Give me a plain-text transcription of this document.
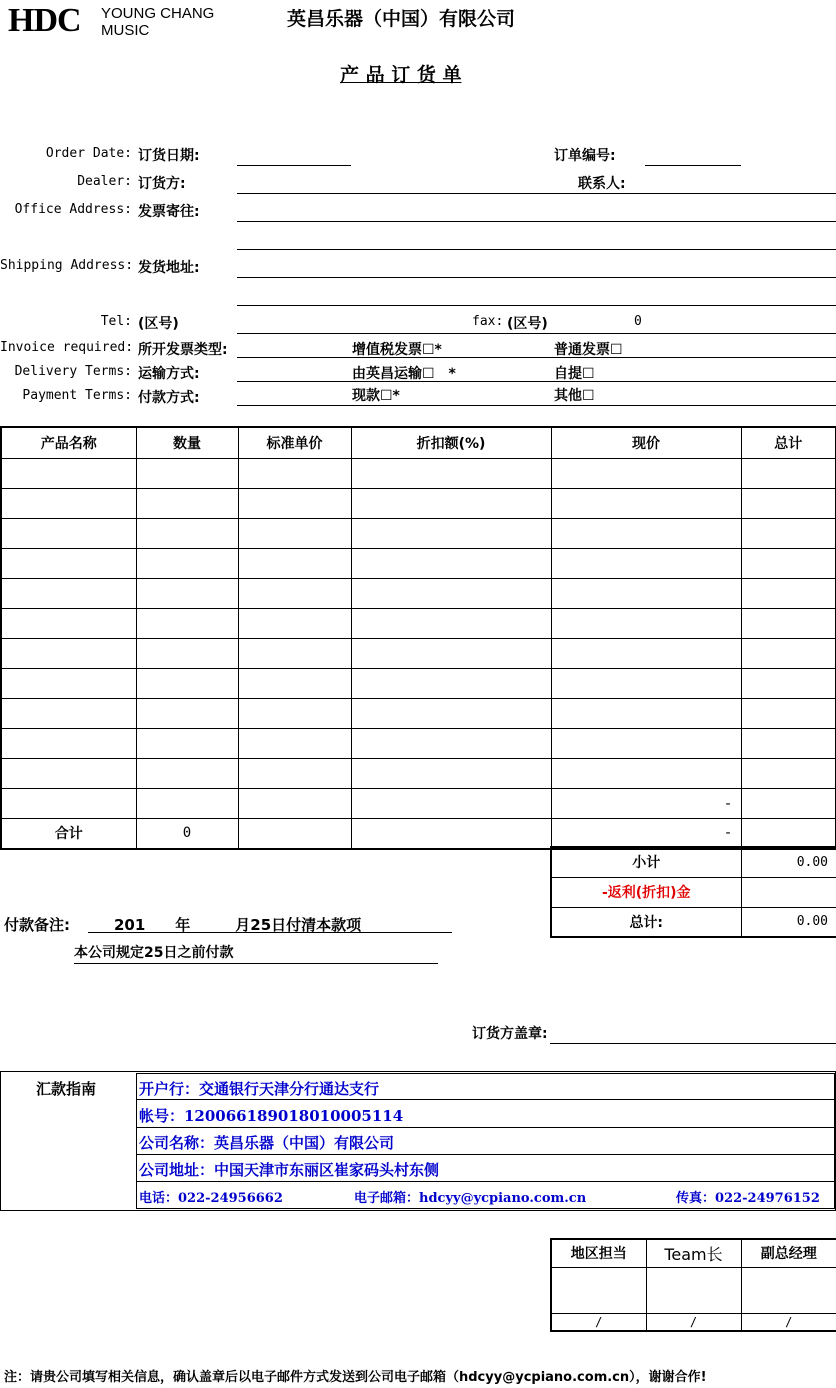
HDC YOUNG CHANG
MUSIC
英昌乐器（中国）有限公司
产 品 订 货 单
Order Date: 订货日期:	订单编号:
Dealer: 订货方:	联系人:
Office Address: 发票寄往:
Shipping Address: 发货地址:
Tel: (区号)	fax: (区号)	0
Invoice required: 所开发票类型:	增值税发票☐*	普通发票☐
Delivery Terms: 运输方式:	由英昌运输☐　*	自提☐
Payment Terms: 付款方式:	现款☐*	其他☐
产品名称	数量	标准单价	折扣额(%)	现价	总计

				-	
合计	0			-	
小计	0.00
-返利(折扣)金	
总计:	0.00
付款备注:	201　　年　　　月25日付清本款项
本公司规定25日之前付款
订货方盖章:
汇款指南	开户行：交通银行天津分行通达支行
帐号：120066189018010005114
公司名称：英昌乐器（中国）有限公司
公司地址：中国天津市东丽区崔家码头村东侧
电话：022-24956662	电子邮箱：hdcyy@ycpiano.com.cn	传真：022-24976152
地区担当	Team长	副总经理

/	/	/
注：请贵公司填写相关信息，确认盖章后以电子邮件方式发送到公司电子邮箱（hdcyy@ycpiano.com.cn），谢谢合作!
